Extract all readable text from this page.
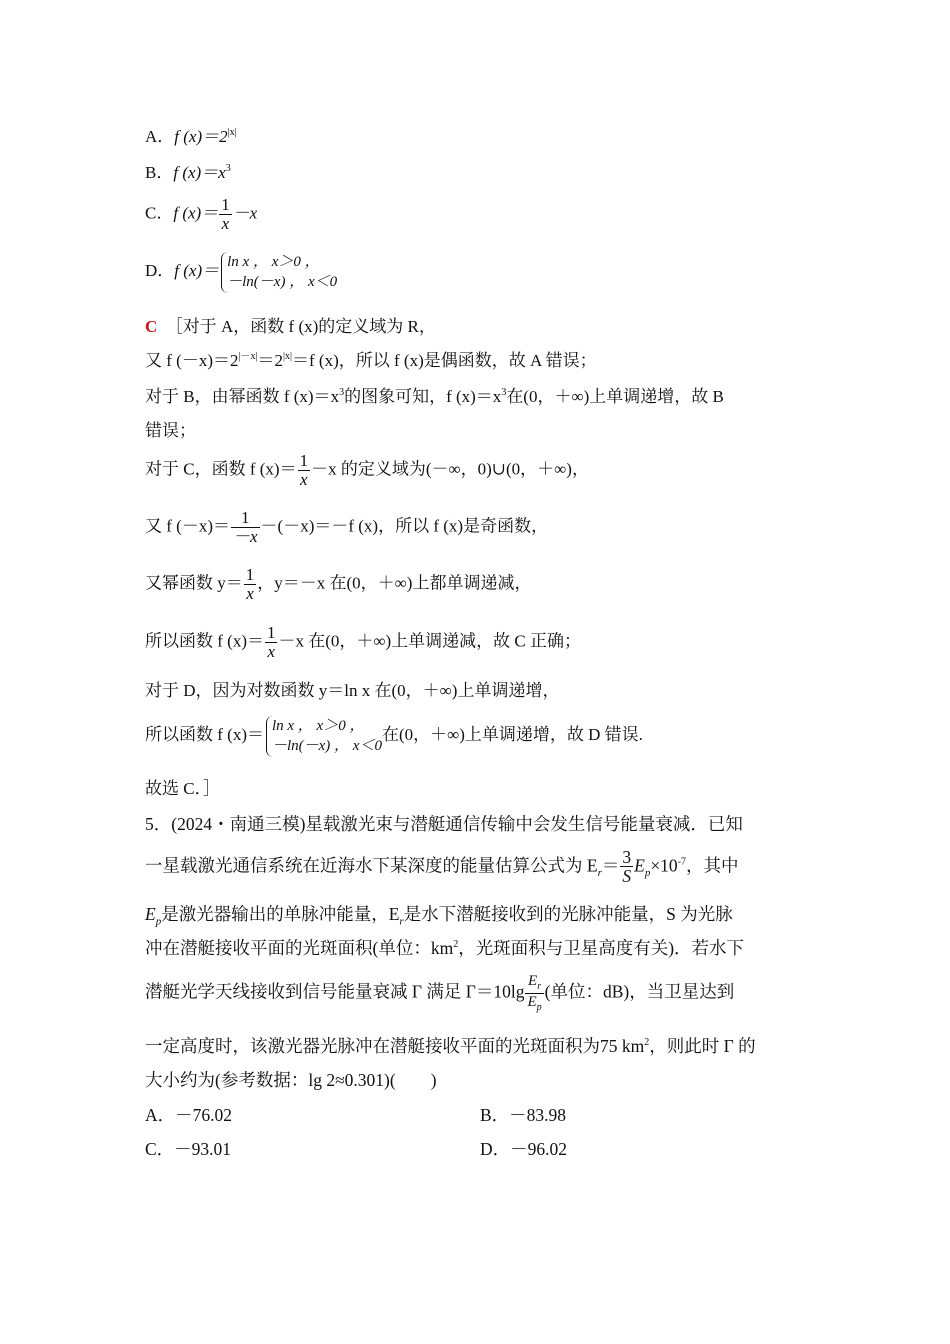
A．f $(x)=2^{|x|}$
B．f $(x)=x^3$
C．f $(x)= \frac{1}{x} -x$
D．f (x)＝ ln x ， x＞0 ，
－ln(－x) ， x＜0
C ［对于 A，函数 f (x)的定义域为 R，
又 f $(-x)=2^{|-x|}=2^{|x|}=f$ (x)，所以 f (x)是偶函数，故 A 错误；
对于 B，由幂函数 f $(x)=x^3$的图象可知，f $(x)=x^3$在(0，＋∞)上单调递增，故 B
错误；
对于 C，函数 f $(x)= \frac{1}{x} -x$ 的定义域为(－∞，0)∪(0，＋∞)，
又 f $(-x)= \frac{1}{-x} -(-x)=-f$ (x)，所以 f (x)是奇函数，
又幂函数 $y= \frac{1}{x}$ ，y＝－x 在(0，＋∞)上都单调递减，
所以函数 f $(x)= \frac{1}{x} -x$ 在(0，＋∞)上单调递减，故 C 正确；
对于 D，因为对数函数 y＝ln x 在(0，＋∞)上单调递增，
所以函数 f (x)＝ ln x ， x＞0 ，
－ln(－x) ， x＜0
在(0，＋∞)上单调递增，故 D 错误.
故选 C．］
5．(2024・南通三模)星载激光束与潜艇通信传输中会发生信号能量衰减．已知
一星载激光通信系统在近海水下某深度的能量估算公式为 $E_r= \frac{3}{S} E_p\times 10^{-7}$，其中
$E_p$是激光器输出的单脉冲能量，$E_r$是水下潜艇接收到的光脉冲能量，S 为光脉
冲在潜艇接收平面的光斑面积(单位：$km^2$，光斑面积与卫星高度有关)．若水下
潜艇光学天线接收到信号能量衰减 Γ 满足 $\Gamma=10\lg \frac{E_r}{E_p}$ (单位：dB)，当卫星达到
一定高度时，该激光器光脉冲在潜艇接收平面的光斑面积为75 $km^2$，则此时 Γ 的
大小约为(参考数据：lg 2≈0.301)(　　)
A．－76.02	B．－83.98
C．－93.01	D．－96.02
